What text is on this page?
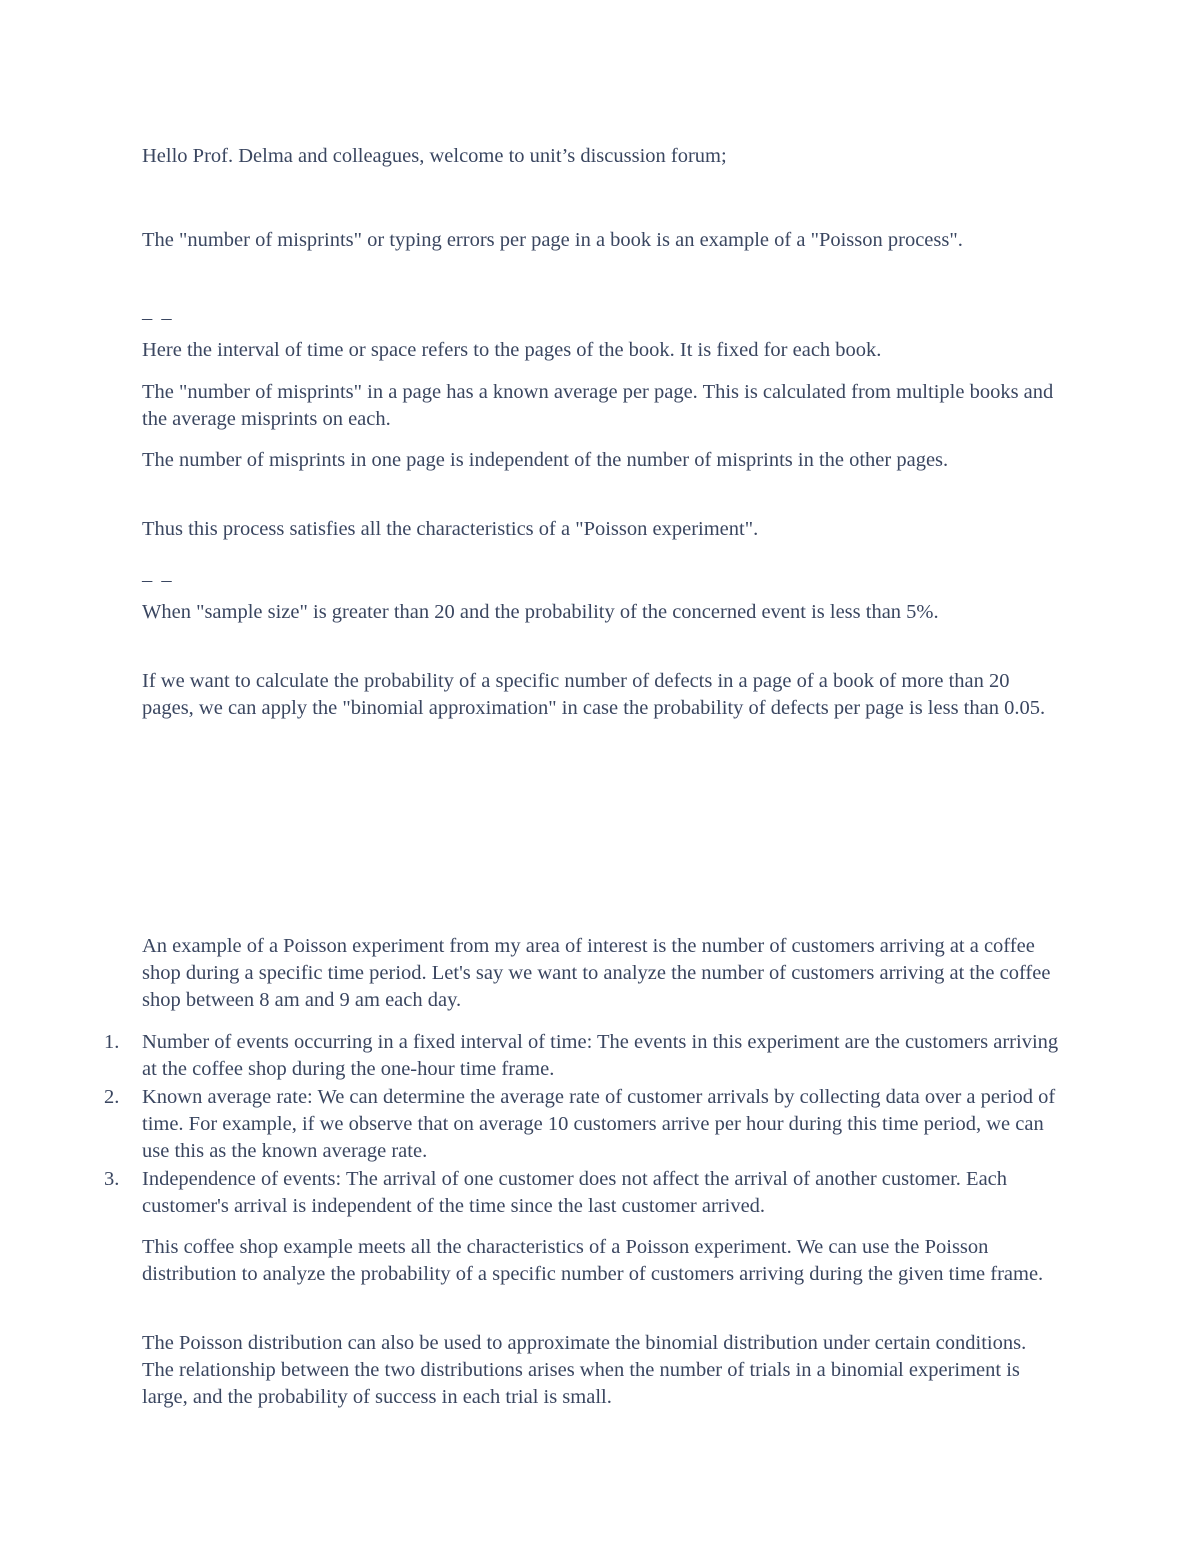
Hello Prof. Delma and colleagues, welcome to unit’s discussion forum;

The "number of misprints" or typing errors per page in a book is an example of a "Poisson process".

– –

Here the interval of time or space refers to the pages of the book. It is fixed for each book.

The "number of misprints" in a page has a known average per page. This is calculated from multiple books and the average misprints on each.

The number of misprints in one page is independent of the number of misprints in the other pages.

Thus this process satisfies all the characteristics of a "Poisson experiment".

– –

When "sample size" is greater than 20 and the probability of the concerned event is less than 5%.

If we want to calculate the probability of a specific number of defects in a page of a book of more than 20 pages, we can apply the "binomial approximation" in case the probability of defects per page is less than 0.05.

An example of a Poisson experiment from my area of interest is the number of customers arriving at a coffee shop during a specific time period. Let's say we want to analyze the number of customers arriving at the coffee shop between 8 am and 9 am each day.

1. Number of events occurring in a fixed interval of time: The events in this experiment are the customers arriving at the coffee shop during the one-hour time frame.
2. Known average rate: We can determine the average rate of customer arrivals by collecting data over a period of time. For example, if we observe that on average 10 customers arrive per hour during this time period, we can use this as the known average rate.
3. Independence of events: The arrival of one customer does not affect the arrival of another customer. Each customer's arrival is independent of the time since the last customer arrived.

This coffee shop example meets all the characteristics of a Poisson experiment. We can use the Poisson distribution to analyze the probability of a specific number of customers arriving during the given time frame.

The Poisson distribution can also be used to approximate the binomial distribution under certain conditions. The relationship between the two distributions arises when the number of trials in a binomial experiment is large, and the probability of success in each trial is small.
